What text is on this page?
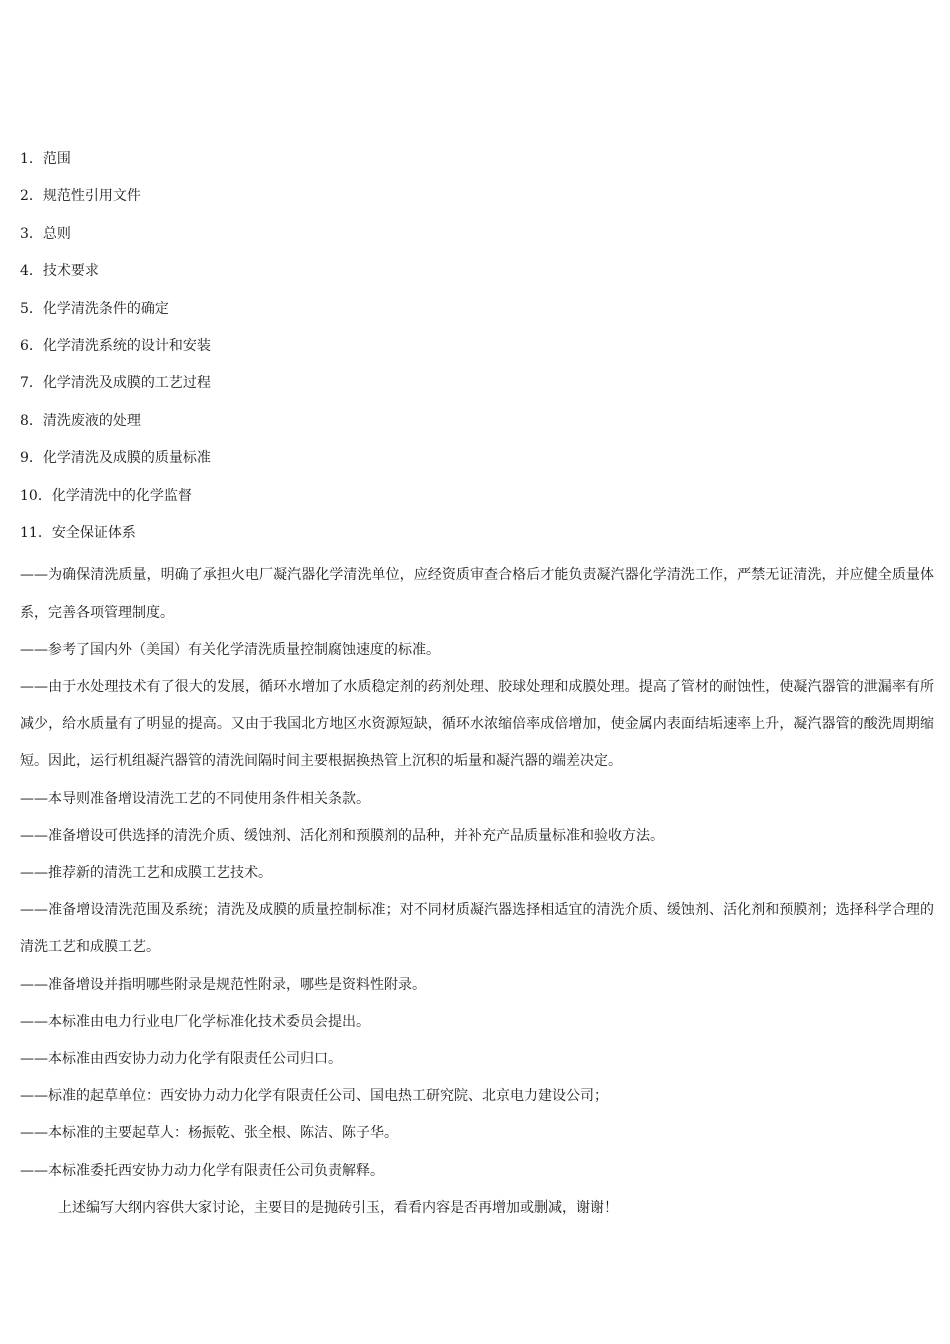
1．范围
2．规范性引用文件
3．总则
4．技术要求
5．化学清洗条件的确定
6．化学清洗系统的设计和安装
7．化学清洗及成膜的工艺过程
8．清洗废液的处理
9．化学清洗及成膜的质量标准
10．化学清洗中的化学监督
11．安全保证体系

——为确保清洗质量，明确了承担火电厂凝汽器化学清洗单位，应经资质审查合格后才能负责凝汽器化学清洗工作，严禁无证清洗，并应健全质量体系，完善各项管理制度。

——参考了国内外（美国）有关化学清洗质量控制腐蚀速度的标准。

——由于水处理技术有了很大的发展，循环水增加了水质稳定剂的药剂处理、胶球处理和成膜处理。提高了管材的耐蚀性，使凝汽器管的泄漏率有所减少，给水质量有了明显的提高。又由于我国北方地区水资源短缺，循环水浓缩倍率成倍增加，使金属内表面结垢速率上升，凝汽器管的酸洗周期缩短。因此，运行机组凝汽器管的清洗间隔时间主要根据换热管上沉积的垢量和凝汽器的端差决定。

——本导则准备增设清洗工艺的不同使用条件相关条款。

——准备增设可供选择的清洗介质、缓蚀剂、活化剂和预膜剂的品种，并补充产品质量标准和验收方法。

——推荐新的清洗工艺和成膜工艺技术。

——准备增设清洗范围及系统；清洗及成膜的质量控制标准；对不同材质凝汽器选择相适宜的清洗介质、缓蚀剂、活化剂和预膜剂；选择科学合理的清洗工艺和成膜工艺。

——准备增设并指明哪些附录是规范性附录，哪些是资料性附录。

——本标准由电力行业电厂化学标准化技术委员会提出。

——本标准由西安协力动力化学有限责任公司归口。

——标准的起草单位：西安协力动力化学有限责任公司、国电热工研究院、北京电力建设公司；

——本标准的主要起草人：杨振乾、张全根、陈洁、陈子华。

——本标准委托西安协力动力化学有限责任公司负责解释。

上述编写大纲内容供大家讨论，主要目的是抛砖引玉，看看内容是否再增加或删减，谢谢！
